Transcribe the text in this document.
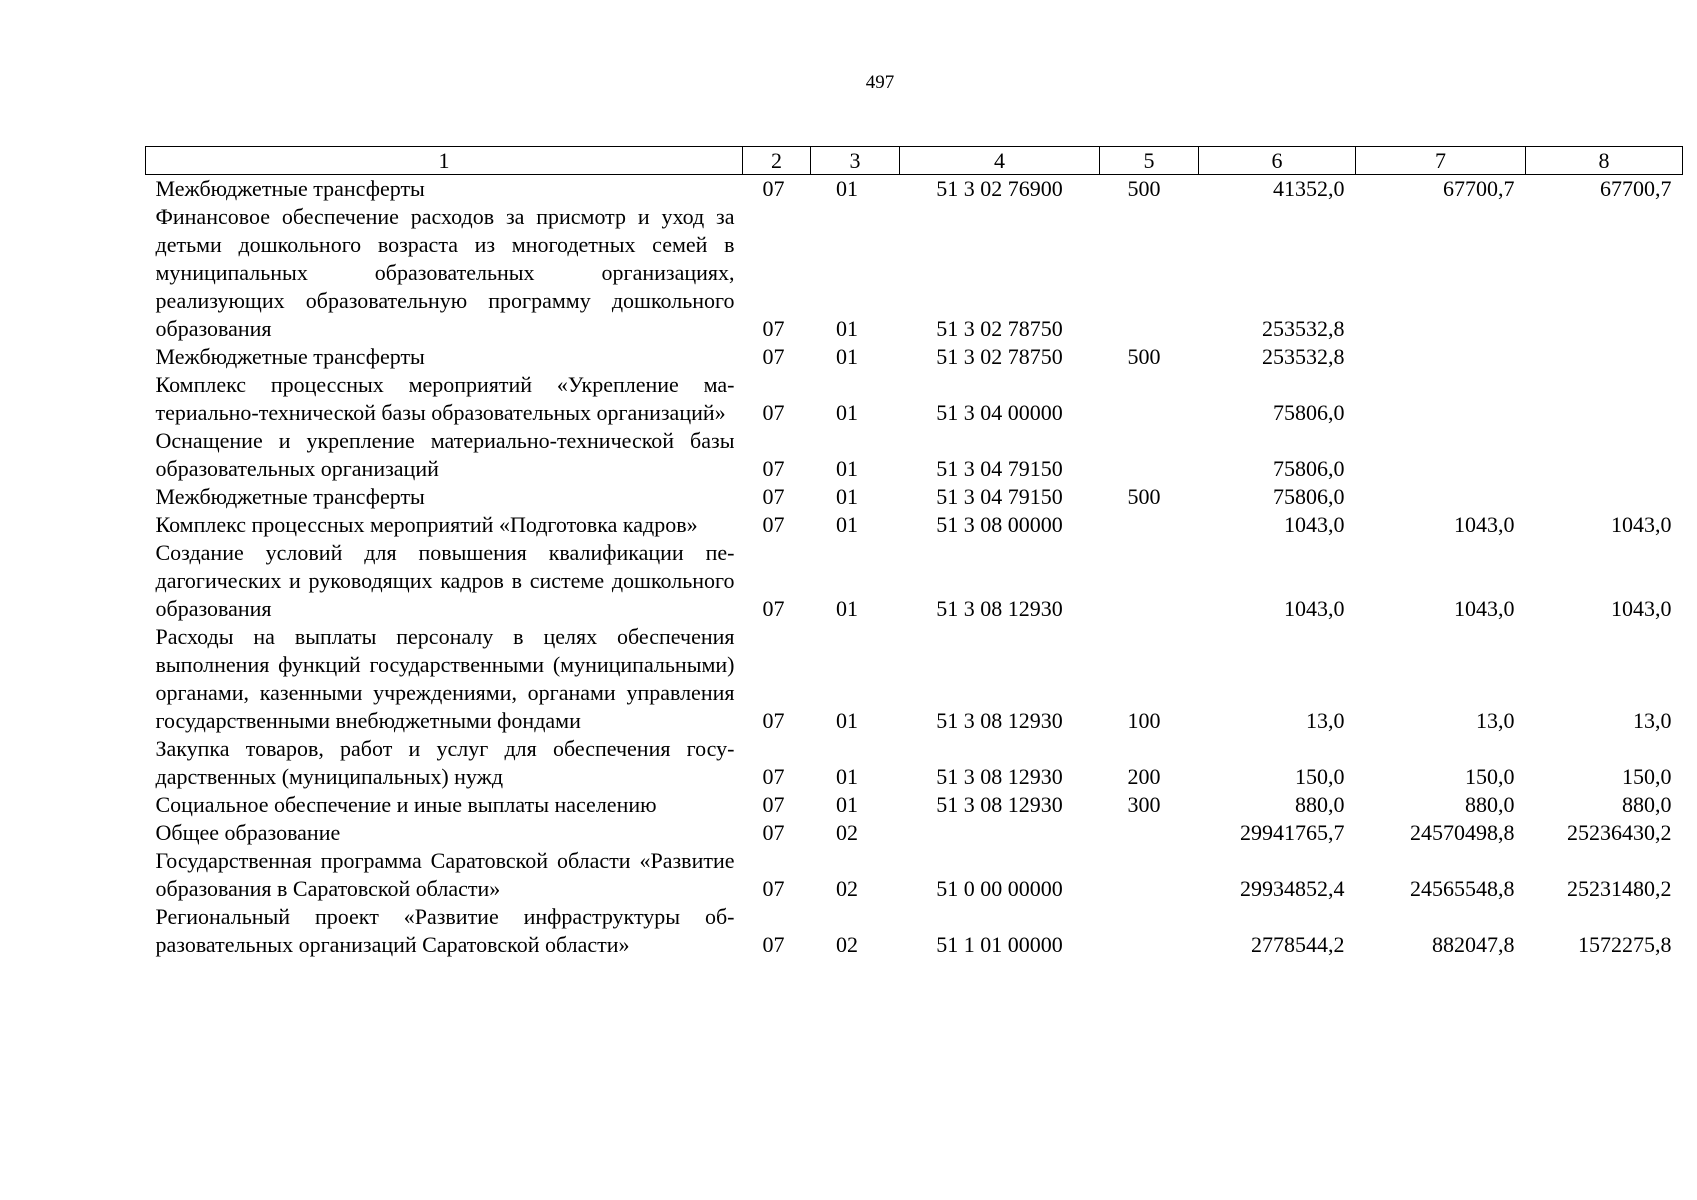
497
1	2	3	4	5	6	7	8
Межбюджетные трансферты	07	01	51 3 02 76900	500	41352,0	67700,7	67700,7
Финансовое обеспечение расходов за присмотр и уход за детьми дошкольного возраста из многодетных семей в муниципальных образовательных организациях, реализующих образовательную программу дошкольного образования	07	01	51 3 02 78750		253532,8		
Межбюджетные трансферты	07	01	51 3 02 78750	500	253532,8		
Комплекс процессных мероприятий «Укрепление материально-технической базы образовательных организаций»	07	01	51 3 04 00000		75806,0		
Оснащение и укрепление материально-технической базы образовательных организаций	07	01	51 3 04 79150		75806,0		
Межбюджетные трансферты	07	01	51 3 04 79150	500	75806,0		
Комплекс процессных мероприятий «Подготовка кадров»	07	01	51 3 08 00000		1043,0	1043,0	1043,0
Создание условий для повышения квалификации педагогических и руководящих кадров в системе дошкольного образования	07	01	51 3 08 12930		1043,0	1043,0	1043,0
Расходы на выплаты персоналу в целях обеспечения выполнения функций государственными (муниципальными) органами, казенными учреждениями, органами управления государственными внебюджетными фондами	07	01	51 3 08 12930	100	13,0	13,0	13,0
Закупка товаров, работ и услуг для обеспечения государственных (муниципальных) нужд	07	01	51 3 08 12930	200	150,0	150,0	150,0
Социальное обеспечение и иные выплаты населению	07	01	51 3 08 12930	300	880,0	880,0	880,0
Общее образование	07	02			29941765,7	24570498,8	25236430,2
Государственная программа Саратовской области «Развитие образования в Саратовской области»	07	02	51 0 00 00000		29934852,4	24565548,8	25231480,2
Региональный проект «Развитие инфраструктуры образовательных организаций Саратовской области»	07	02	51 1 01 00000		2778544,2	882047,8	1572275,8
